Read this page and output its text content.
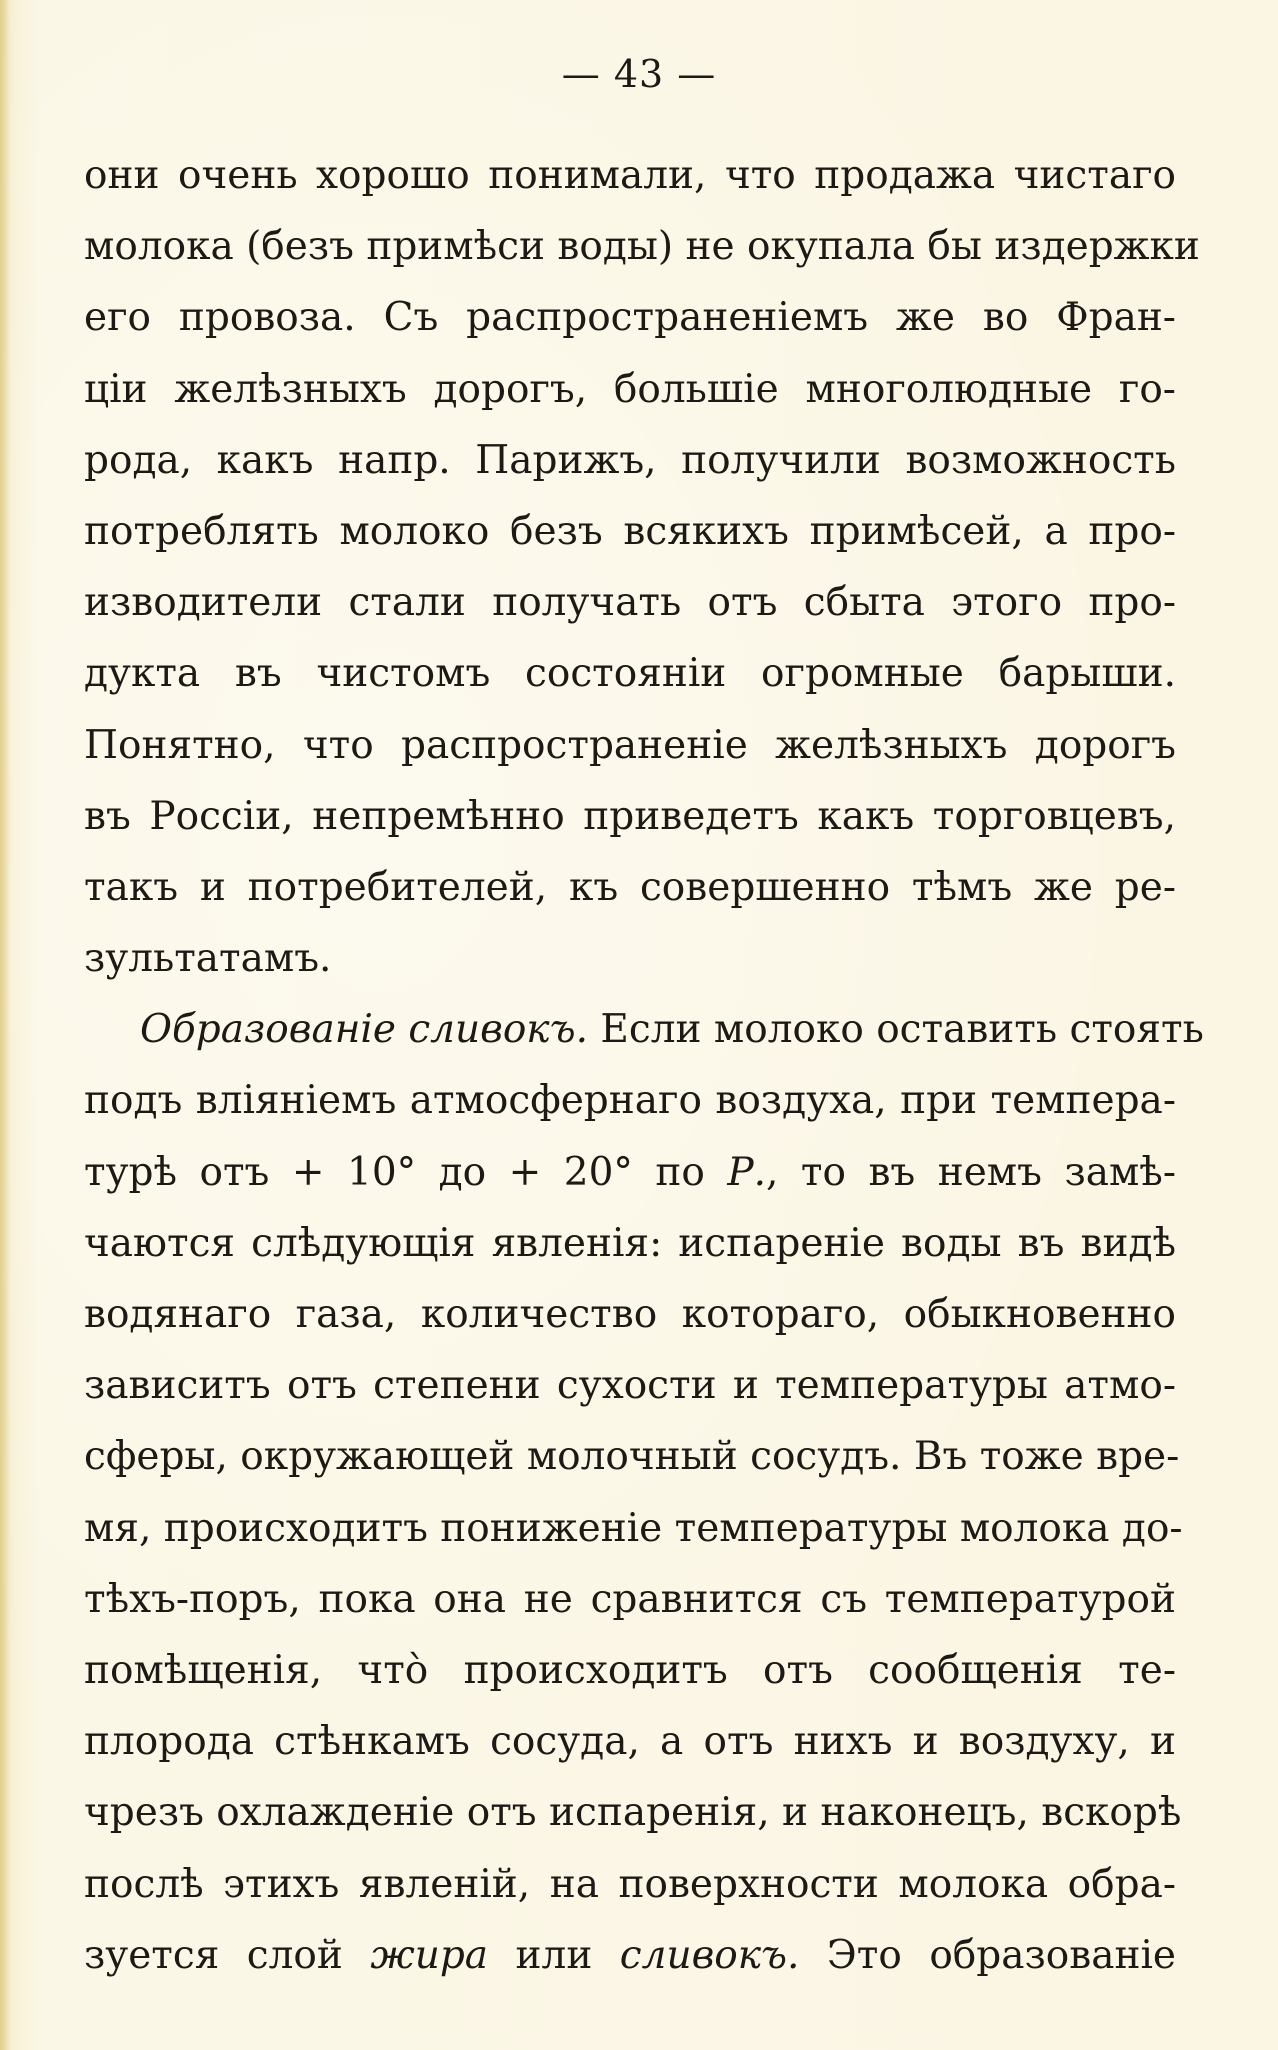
— 43 —
они очень хорошо понимали, что продажа чистаго
молока (безъ примѣси воды) не окупала бы издержки
его провоза. Съ распространеніемъ же во Фран-
ціи желѣзныхъ дорогъ, большіе многолюдные го-
рода, какъ напр. Парижъ, получили возможность
потреблять молоко безъ всякихъ примѣсей, а про-
изводители стали получать отъ сбыта этого про-
дукта въ чистомъ состояніи огромные барыши.
Понятно, что распространеніе желѣзныхъ дорогъ
въ Россіи, непремѣнно приведетъ какъ торговцевъ,
такъ и потребителей, къ совершенно тѣмъ же ре-
зультатамъ.
Образованіе сливокъ. Если молоко оставить стоять
подъ вліяніемъ атмосфернаго воздуха, при темпера-
турѣ отъ + 10° до + 20° по Р., то въ немъ замѣ-
чаются слѣдующія явленія: испареніе воды въ видѣ
водянаго газа, количество котораго, обыкновенно
зависитъ отъ степени сухости и температуры атмо-
сферы, окружающей молочный сосудъ. Въ тоже вре-
мя, происходитъ пониженіе температуры молока до-
тѣхъ-поръ, пока она не сравнится съ температурой
помѣщенія, что̀ происходитъ отъ сообщенія те-
плорода стѣнкамъ сосуда, а отъ нихъ и воздуху, и
чрезъ охлажденіе отъ испаренія, и наконецъ, вскорѣ
послѣ этихъ явленій, на поверхности молока обра-
зуется слой жира или сливокъ. Это образованіе
